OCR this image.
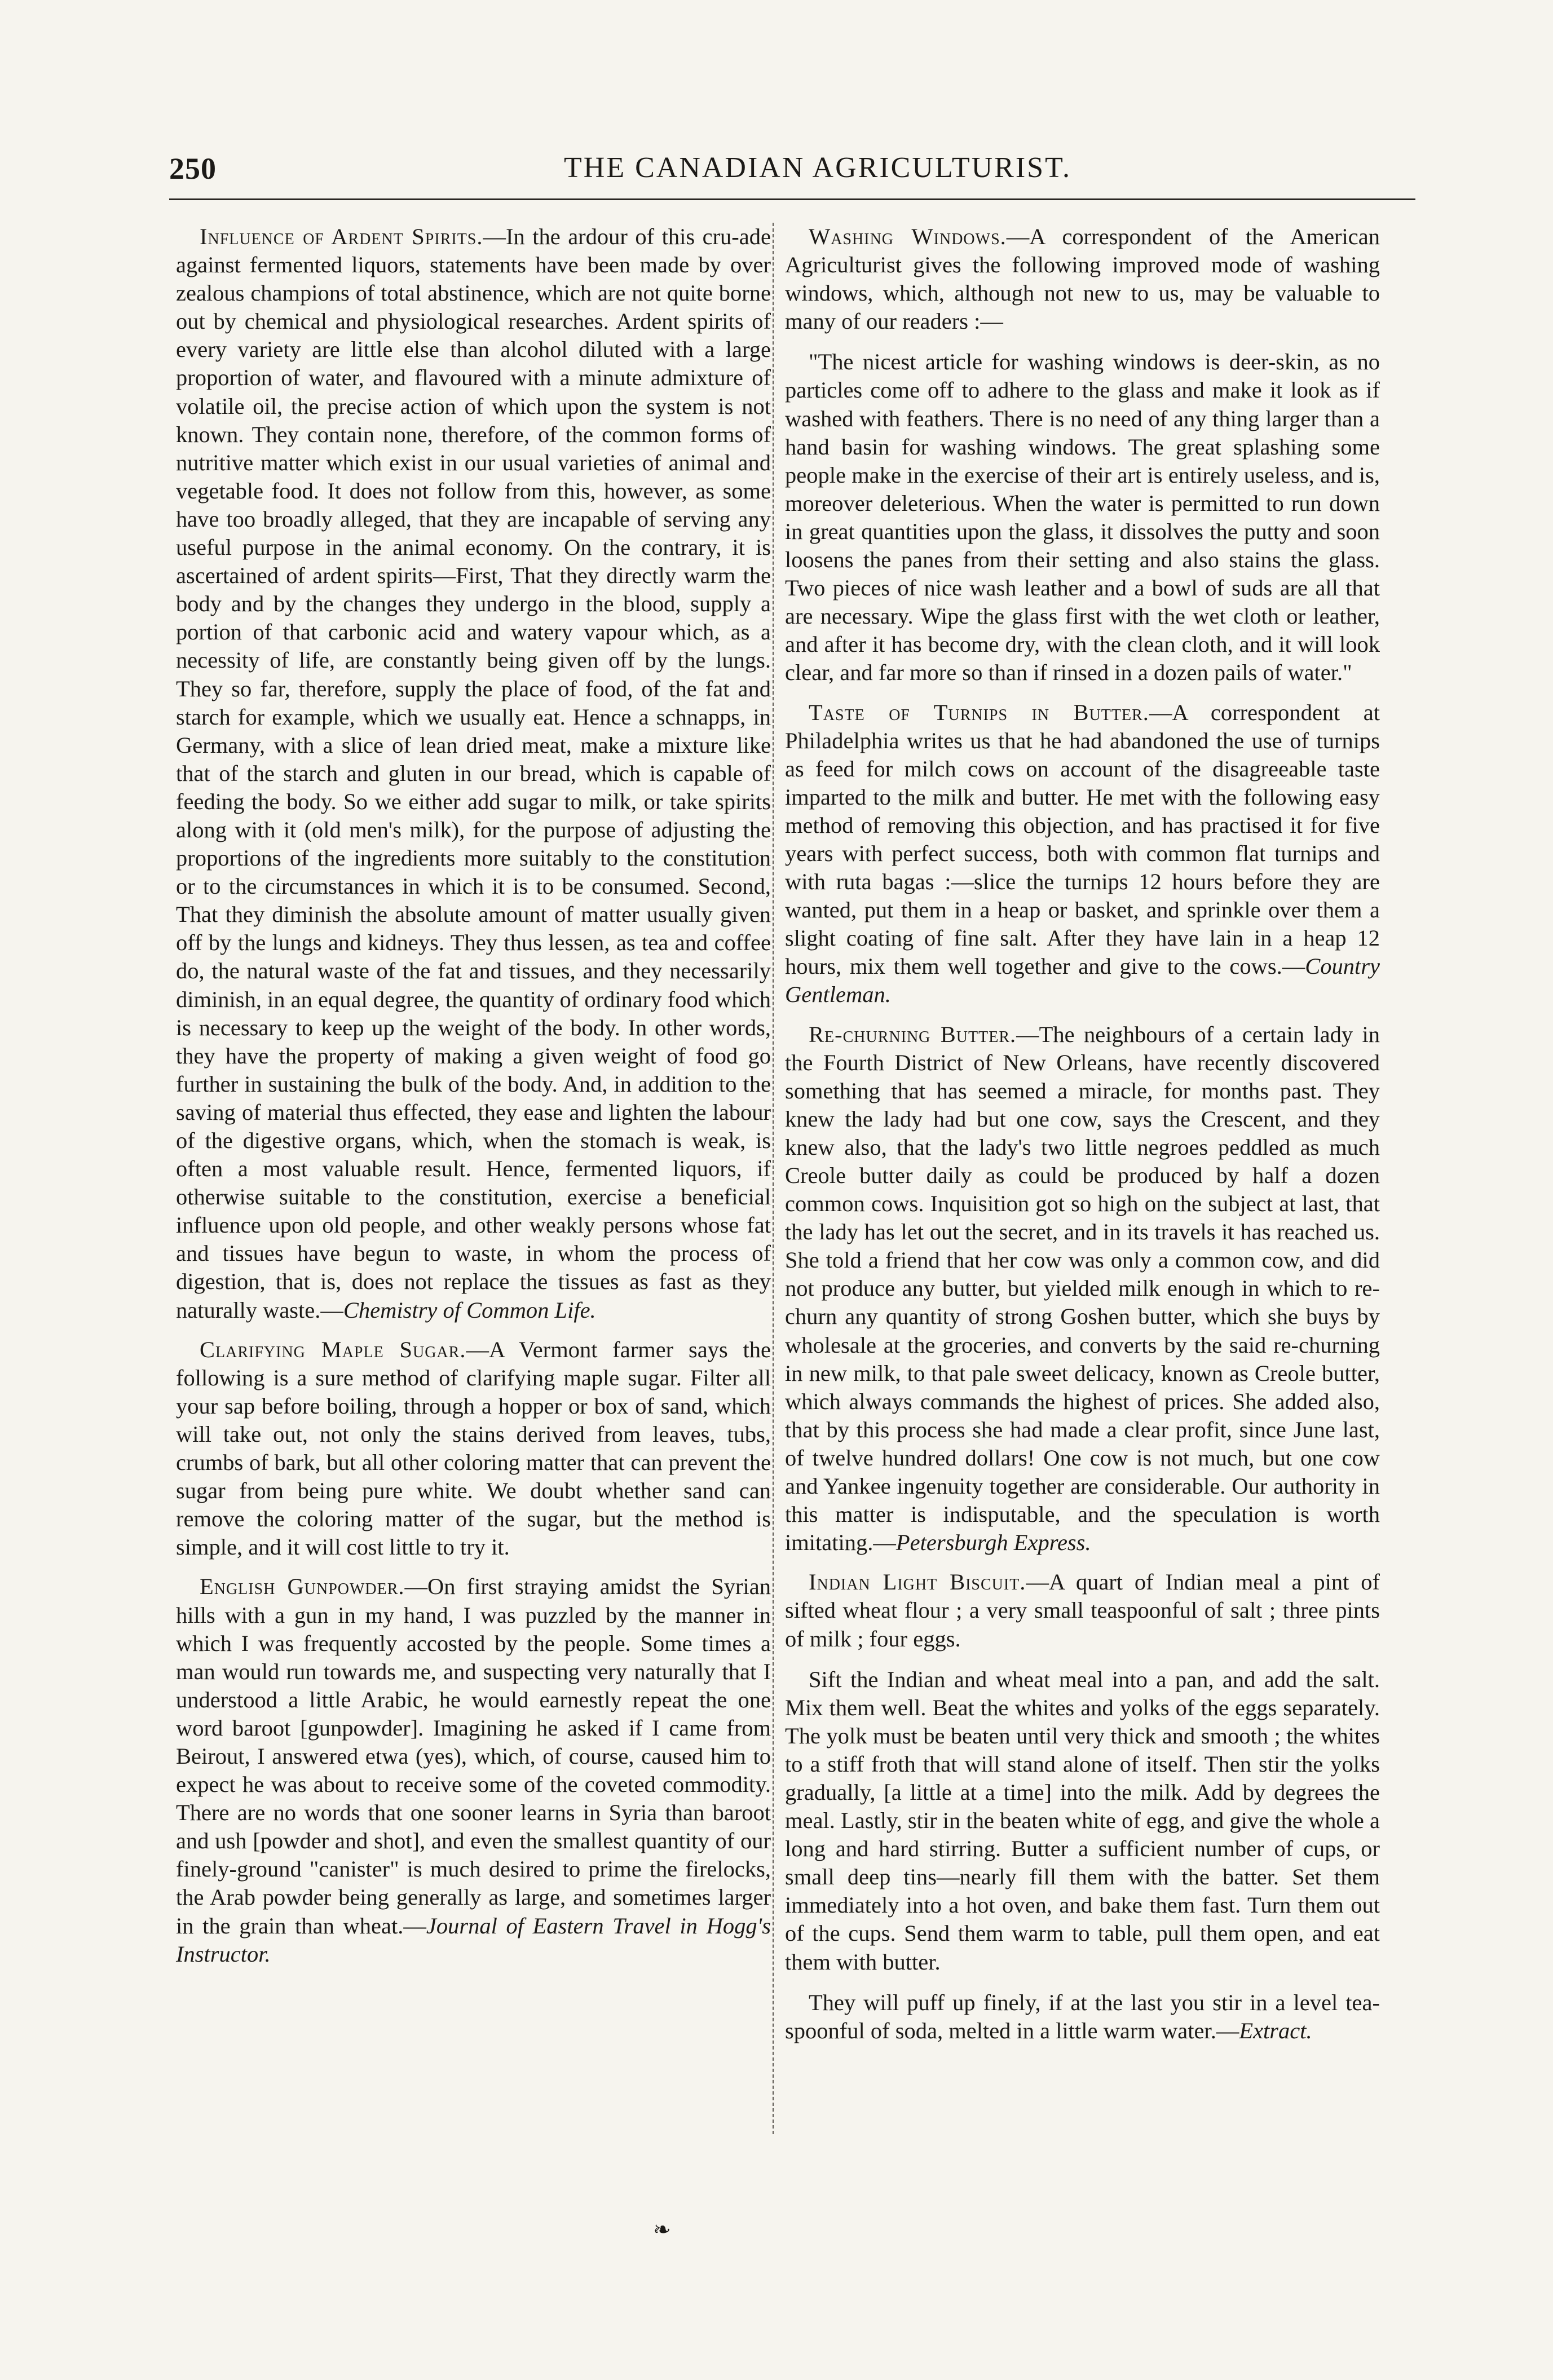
250	THE CANADIAN AGRICULTURIST.

Influence of Ardent Spirits.—In the ardour of this cru-ade against fermented liquors, statements have been made by over zealous champions of total abstinence, which are not quite borne out by chemical and physiological researches. Ardent spirits of every variety are little else than alcohol diluted with a large proportion of water, and flavoured with a minute admixture of volatile oil, the precise action of which upon the system is not known. They contain none, therefore, of the common forms of nutritive matter which exist in our usual varieties of animal and vegetable food. It does not follow from this, however, as some have too broadly alleged, that they are incapable of serving any useful purpose in the animal economy. On the contrary, it is ascertained of ardent spirits—First, That they directly warm the body and by the changes they undergo in the blood, supply a portion of that carbonic acid and watery vapour which, as a necessity of life, are constantly being given off by the lungs. They so far, therefore, supply the place of food, of the fat and starch for example, which we usually eat. Hence a schnapps, in Germany, with a slice of lean dried meat, make a mixture like that of the starch and gluten in our bread, which is capable of feeding the body. So we either add sugar to milk, or take spirits along with it (old men's milk), for the purpose of adjusting the proportions of the ingredients more suitably to the constitution or to the circumstances in which it is to be consumed. Second, That they diminish the absolute amount of matter usually given off by the lungs and kidneys. They thus lessen, as tea and coffee do, the natural waste of the fat and tissues, and they necessarily diminish, in an equal degree, the quantity of ordinary food which is necessary to keep up the weight of the body. In other words, they have the property of making a given weight of food go further in sustaining the bulk of the body. And, in addition to the saving of material thus effected, they ease and lighten the labour of the digestive organs, which, when the stomach is weak, is often a most valuable result. Hence, fermented liquors, if otherwise suitable to the constitution, exercise a beneficial influence upon old people, and other weakly persons whose fat and tissues have begun to waste, in whom the process of digestion, that is, does not replace the tissues as fast as they naturally waste.—Chemistry of Common Life.

Clarifying Maple Sugar.—A Vermont farmer says the following is a sure method of clarifying maple sugar. Filter all your sap before boiling, through a hopper or box of sand, which will take out, not only the stains derived from leaves, tubs, crumbs of bark, but all other coloring matter that can prevent the sugar from being pure white. We doubt whether sand can remove the coloring matter of the sugar, but the method is simple, and it will cost little to try it.

English Gunpowder.—On first straying amidst the Syrian hills with a gun in my hand, I was puzzled by the manner in which I was frequently accosted by the people. Some times a man would run towards me, and suspecting very naturally that I understood a little Arabic, he would earnestly repeat the one word baroot [gunpowder]. Imagining he asked if I came from Beirout, I answered etwa (yes), which, of course, caused him to expect he was about to receive some of the coveted commodity. There are no words that one sooner learns in Syria than baroot and ush [powder and shot], and even the smallest quantity of our finely-ground "canister" is much desired to prime the firelocks, the Arab powder being generally as large, and sometimes larger in the grain than wheat.—Journal of Eastern Travel in Hogg's Instructor.

Washing Windows.—A correspondent of the American Agriculturist gives the following improved mode of washing windows, which, although not new to us, may be valuable to many of our readers :—

"The nicest article for washing windows is deer-skin, as no particles come off to adhere to the glass and make it look as if washed with feathers. There is no need of any thing larger than a hand basin for washing windows. The great splashing some people make in the exercise of their art is entirely useless, and is, moreover deleterious. When the water is permitted to run down in great quantities upon the glass, it dissolves the putty and soon loosens the panes from their setting and also stains the glass. Two pieces of nice wash leather and a bowl of suds are all that are necessary. Wipe the glass first with the wet cloth or leather, and after it has become dry, with the clean cloth, and it will look clear, and far more so than if rinsed in a dozen pails of water."

Taste of Turnips in Butter.—A correspondent at Philadelphia writes us that he had abandoned the use of turnips as feed for milch cows on account of the disagreeable taste imparted to the milk and butter. He met with the following easy method of removing this objection, and has practised it for five years with perfect success, both with common flat turnips and with ruta bagas :—slice the turnips 12 hours before they are wanted, put them in a heap or basket, and sprinkle over them a slight coating of fine salt. After they have lain in a heap 12 hours, mix them well together and give to the cows.—Country Gentleman.

Re-churning Butter.—The neighbours of a certain lady in the Fourth District of New Orleans, have recently discovered something that has seemed a miracle, for months past. They knew the lady had but one cow, says the Crescent, and they knew also, that the lady's two little negroes peddled as much Creole butter daily as could be produced by half a dozen common cows. Inquisition got so high on the subject at last, that the lady has let out the secret, and in its travels it has reached us. She told a friend that her cow was only a common cow, and did not produce any butter, but yielded milk enough in which to re-churn any quantity of strong Goshen butter, which she buys by wholesale at the groceries, and converts by the said re-churning in new milk, to that pale sweet delicacy, known as Creole butter, which always commands the highest of prices. She added also, that by this process she had made a clear profit, since June last, of twelve hundred dollars! One cow is not much, but one cow and Yankee ingenuity together are considerable. Our authority in this matter is indisputable, and the speculation is worth imitating.—Petersburgh Express.

Indian Light Biscuit.—A quart of Indian meal a pint of sifted wheat flour ; a very small teaspoonful of salt ; three pints of milk ; four eggs.

Sift the Indian and wheat meal into a pan, and add the salt. Mix them well. Beat the whites and yolks of the eggs separately. The yolk must be beaten until very thick and smooth ; the whites to a stiff froth that will stand alone of itself. Then stir the yolks gradually, [a little at a time] into the milk. Add by degrees the meal. Lastly, stir in the beaten white of egg, and give the whole a long and hard stirring. Butter a sufficient number of cups, or small deep tins—nearly fill them with the batter. Set them immediately into a hot oven, and bake them fast. Turn them out of the cups. Send them warm to table, pull them open, and eat them with butter.

They will puff up finely, if at the last you stir in a level tea-spoonful of soda, melted in a little warm water.—Extract.

❧
